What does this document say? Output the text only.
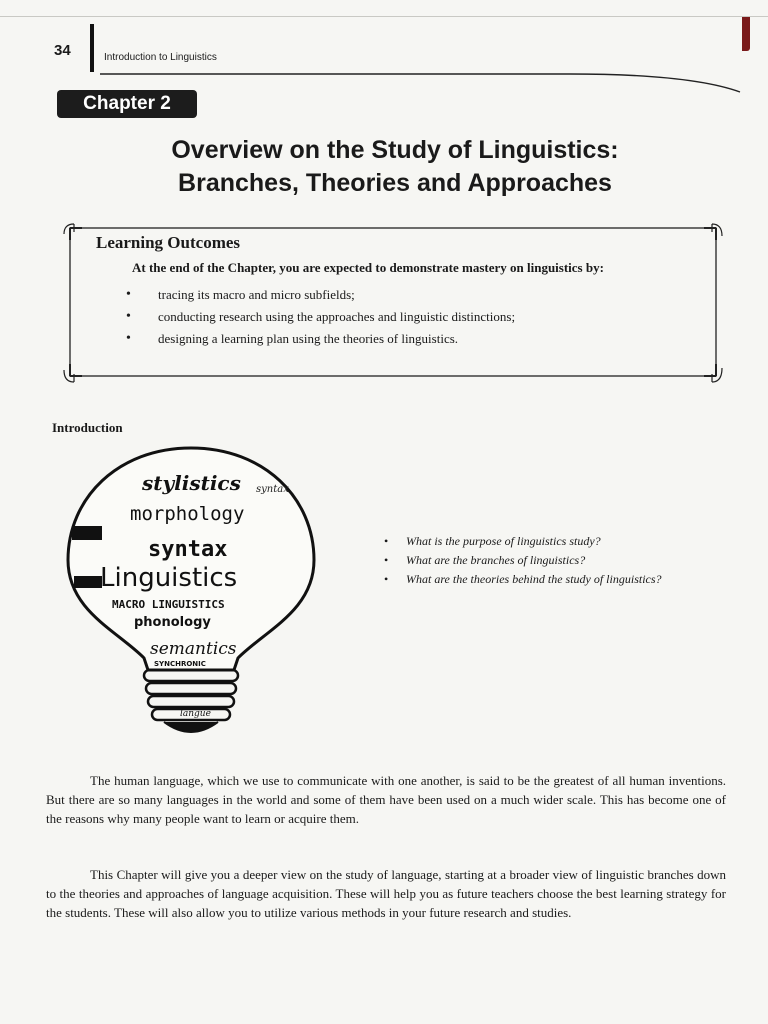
34	Introduction to Linguistics
Chapter 2
Overview on the Study of Linguistics:
Branches, Theories and Approaches
Learning Outcomes

At the end of the Chapter, you are expected to demonstrate mastery on linguistics by:

• tracing its macro and micro subfields;
• conducting research using the approaches and linguistic distinctions;
• designing a learning plan using the theories of linguistics.
Introduction
stylistics syntax
morphology
syntax
Linguistics
MACRO LINGUISTICS
phonology
semantics
SYNCHRONIC
langue
• What is the purpose of linguistics study?
• What are the branches of linguistics?
• What are the theories behind the study of linguistics?

The human language, which we use to communicate with one another, is said to be the greatest of all human inventions. But there are so many languages in the world and some of them have been used on a much wider scale. This has become one of the reasons why many people want to learn or acquire them.

This Chapter will give you a deeper view on the study of language, starting at a broader view of linguistic branches down to the theories and approaches of language acquisition. These will help you as future teachers choose the best learning strategy for the students. These will also allow you to utilize various methods in your future research and studies.
